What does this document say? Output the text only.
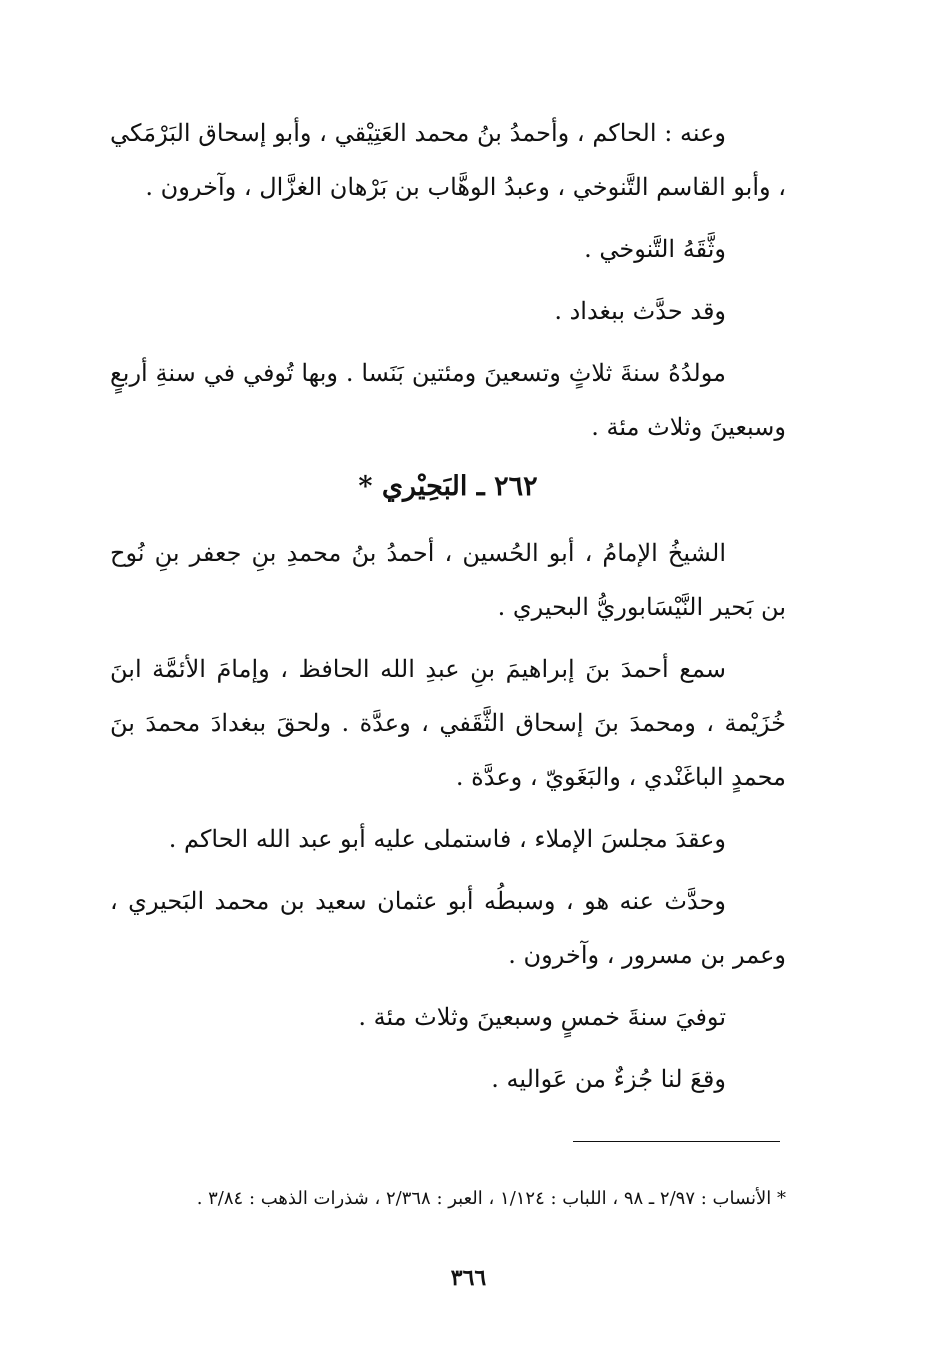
وعنه : الحاكم ، وأحمدُ بنُ محمد العَتِيْقي ، وأبو إسحاق البَرْمَكي ، وأبو القاسم التَّنوخي ، وعبدُ الوهَّاب بن بَرْهان الغزَّال ، وآخرون .

وثَّقَهُ التَّنوخي .

وقد حدَّث ببغداد .

مولدُهُ سنةَ ثلاثٍ وتسعينَ ومئتين بَنَسا . وبها تُوفي في سنةِ أربعٍ وسبعينَ وثلاث مئة .

٢٦٢ ـ البَحِيْري *

الشيخُ الإمامُ ، أبو الحُسين ، أحمدُ بنُ محمدِ بنِ جعفر بنِ نُوح بن بَحير النَّيْسَابوريُّ البحيري .

سمع أحمدَ بنَ إبراهيمَ بنِ عبدِ الله الحافظ ، وإمامَ الأئمَّة ابنَ خُزَيْمة ، ومحمدَ بنَ إسحاق الثَّقَفي ، وعدَّة . ولحقَ ببغدادَ محمدَ بنَ محمدٍ الباغَنْدي ، والبَغَويّ ، وعدَّة .

وعقدَ مجلسَ الإملاء ، فاستملى عليه أبو عبد الله الحاكم .

وحدَّث عنه هو ، وسبطُه أبو عثمان سعيد بن محمد البَحيري ، وعمر بن مسرور ، وآخرون .

توفيَ سنةَ خمسٍ وسبعينَ وثلاث مئة .

وقعَ لنا جُزءٌ من عَواليه .

* الأنساب : ٢/٩٧ ـ ٩٨ ، اللباب : ١/١٢٤ ، العبر : ٢/٣٦٨ ، شذرات الذهب : ٣/٨٤ .

٣٦٦
